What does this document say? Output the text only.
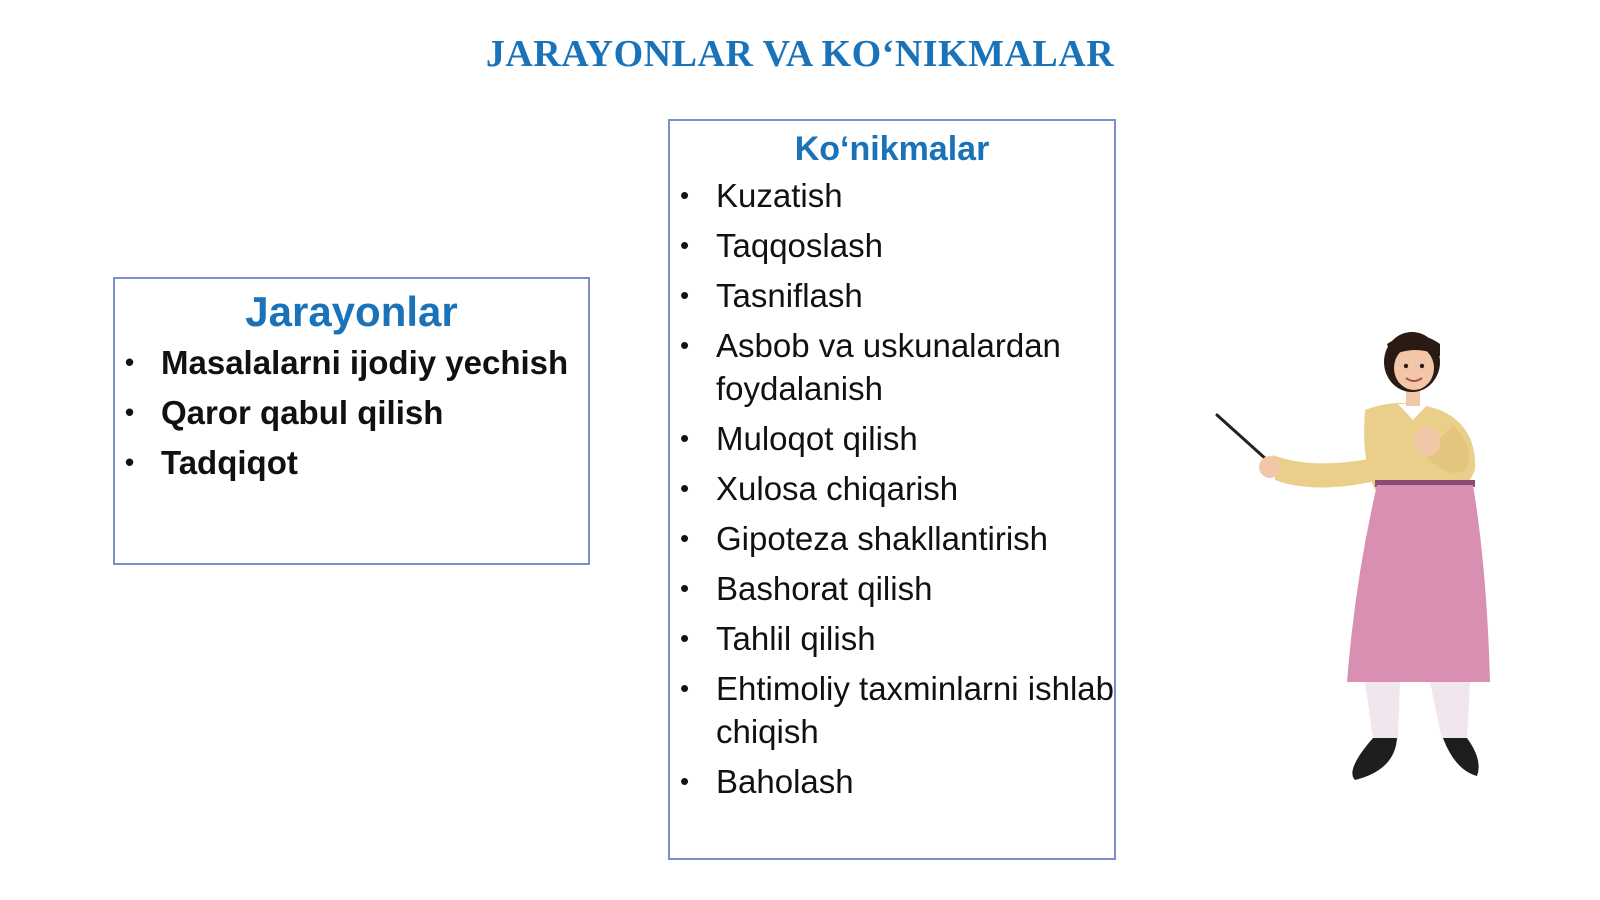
JARAYONLAR VA KO‘NIKMALAR
Jarayonlar
• Masalalarni ijodiy yechish
• Qaror qabul qilish
• Tadqiqot
Ko‘nikmalar
• Kuzatish
• Taqqoslash
• Tasniflash
• Asbob va uskunalardan foydalanish
• Muloqot qilish
• Xulosa chiqarish
• Gipoteza shakllantirish
• Bashorat qilish
• Tahlil qilish
• Ehtimoliy taxminlarni ishlab chiqish
• Baholash
